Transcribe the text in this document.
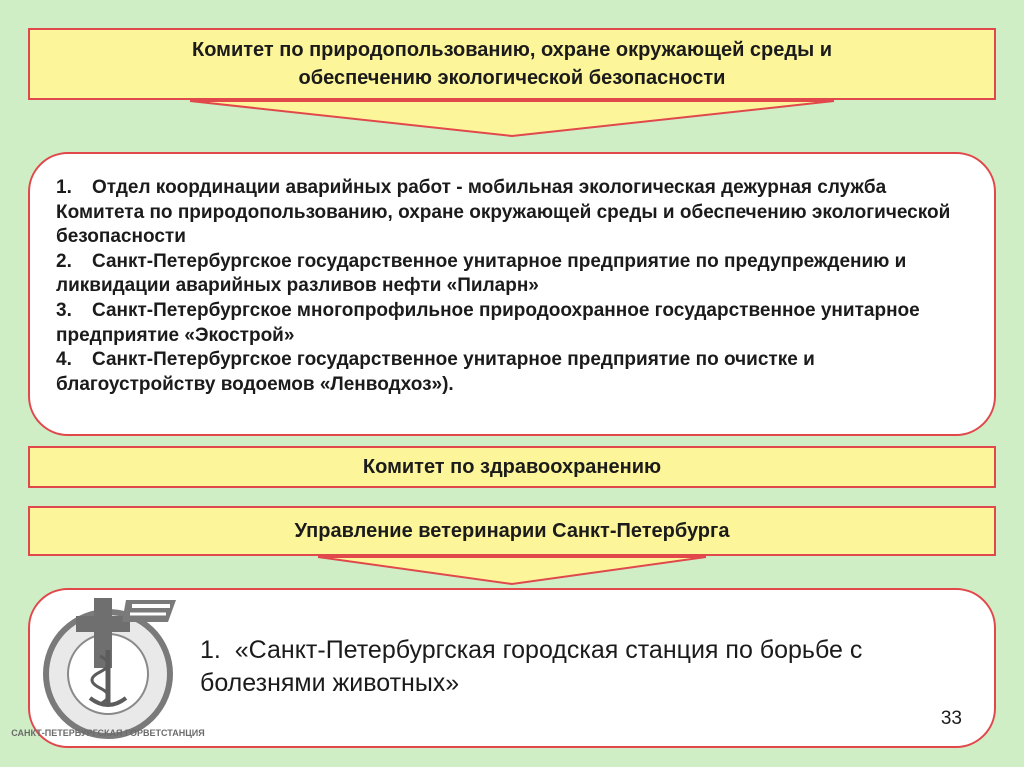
Комитет по природопользованию, охране окружающей среды и
обеспечению экологической безопасности
1. Отдел координации аварийных работ - мобильная экологическая дежурная служба Комитета по природопользованию, охране окружающей среды и обеспечению экологической безопасности
2. Санкт-Петербургское государственное унитарное предприятие по предупреждению и ликвидации аварийных разливов нефти «Пиларн»
3. Санкт-Петербургское многопрофильное природоохранное государственное унитарное предприятие «Экострой»
4. Санкт-Петербургское государственное унитарное предприятие по очистке и благоустройству водоемов «Ленводхоз»).
Комитет по здравоохранению
Управление ветеринарии Санкт-Петербурга
САНКТ-ПЕТЕРБУРГСКАЯ ГОРВЕТСТАНЦИЯ
1. «Санкт-Петербургская городская станция по борьбе с болезнями животных»
33
